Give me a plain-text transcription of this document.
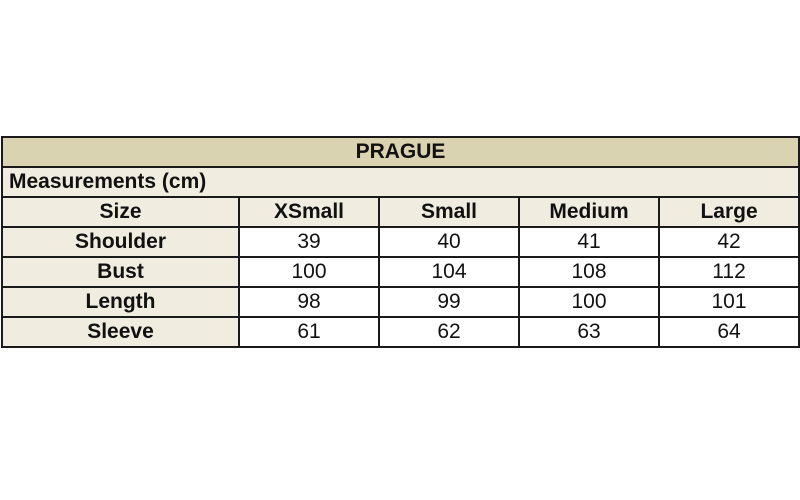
PRAGUE				
Measurements (cm)				
Size	XSmall	Small	Medium	Large
Shoulder	39	40	41	42
Bust	100	104	108	112
Length	98	99	100	101
Sleeve	61	62	63	64
